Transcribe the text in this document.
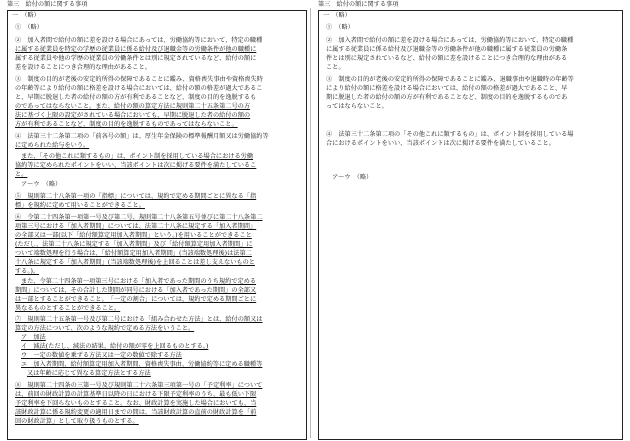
第三　給付の額に関する事項
一　（略）
①　（略）
②　加入者間で給付の額に差を設ける場合にあっては、労働協約等において、特定の職種
に属する従業員を特定の学歴の従業員に係る給付及び退職金等の労働条件が他の職種に
属する従業員や他の学歴の従業員の労働条件とは別に規定されているなど、給付の額に
差を設けることにつき合理的な理由があること。
③　制度の目的が老後の安定的所得の保障であることに鑑み、資格喪失事由や資格喪失時
の年齢等により給付の額に格差を設ける場合においては、給付の額の格差が過大であるこ
と、早期に脱退した者の給付の額の方が有利であることなど、制度の目的を逸脱するも
のであってはならないこと。また、給付の額の算定方法に規則第二十五条第二号の方
法に基づく上限の設定がされている場合においても、早期に脱退した者の給付の額の
方が有利であることなど、制度の目的を逸脱するものであってはならないこと。
④　法第三十二条第二項の「前各号の額」は、厚生年金保険の標準報酬月額又は労働協約等
に定められた給与をいう。
また、「その他これに類するもの」は、ポイント制を採用している場合における労働
協約等に定められたポイントをいい、当該ポイントは次に掲げる要件を満たしているこ
と。
ア〜ウ　（略）
⑤　規則第二十八条第一項の「指標」については、規約で定める期間ごとに異なる「指
標」を規約に定めて用いることができること。
⑥　令第二十四条第一項第一号及び第二号、規則第二十八条第五号並びに第二十八条第二
項第三号における「加入者期間」については、法第二十八条に規定する「加入者期間」
の全部又は一部(以下「給付額算定用加入者期間」という。)を用いることができること
(ただし、法第二十八条に規定する「加入者期間」及び「給付額算定用加入者期間」に
ついて端数処理を行う場合は、「給付額算定用加入者期間」(当該端数処理後)は法第二
十八条に規定する「加入者期間」(当該端数処理後)を上回ることは差し支えないものと
する。)。
また、令第二十四条第一項第三号における「加入者であった期間のうち規約で定める
期間」については、その合計した期間が同号における「加入者であった期間」の全部又
は一部とすることができること。　「一定の割合」については、規約で定める期間ごとに
異なるものとすることができること。
⑦　規則第二十五条第一号及び第二号における「組み合わせた方法」とは、給付の額又は
算定の方法について、次のような規約で定める方法をいうこと。
ア　加法
イ　減法(ただし、減法の結果、給付の額が零を上回るものとする。)
ウ　一定の数値を乗ずる方法又は一定の数値で除する方法
エ　加入者期間、給付額算定用加入者期間、資格喪失事由、労働協約等に定める職種等
又は年齢に応じて異なる算定方法とする方法
⑧　規則第二十四条の三第一号及び規則第二十六条第三項第一号の「予定利率」について
は、前回の財政計算の計算基準日以降の日における下限予定利率のうち、最も低い下限
予定利率を下回らないものとすること。なお、財政計算を実施した場合においても、当
該財政計算に係る規約変更の適用日までの間は、当該財政計算の直前の財政計算を「前
回の財政計算」として取り扱うものとする。
第三　給付の額に関する事項
一　（略）
①　（略）
②　加入者間で給付の額に差を設ける場合にあっては、労働協約等において、特定の職種
に属する従業員に係る給付及び退職金等の労働条件が他の職種に属する従業員の労働条
件とは別に規定されているなど、給付の額に差を設けることにつき合理的な理由がある
こと。
③　制度の目的が老後の安定的所得の保障であることに鑑み、退職事由や退職時の年齢等
により給付の額に格差を設ける場合においては、給付の額の格差が過大であること、早
期に脱退した者の給付の額の方が有利であることなど、制度の目的を逸脱するものであ
ってはならないこと。
④　法第三十二条第二項の「その他これに類するもの」は、ポイント制を採用している場
合におけるポイントをいい、当該ポイントは次に掲げる要件を満たしていること。
ア〜ウ　（略）
